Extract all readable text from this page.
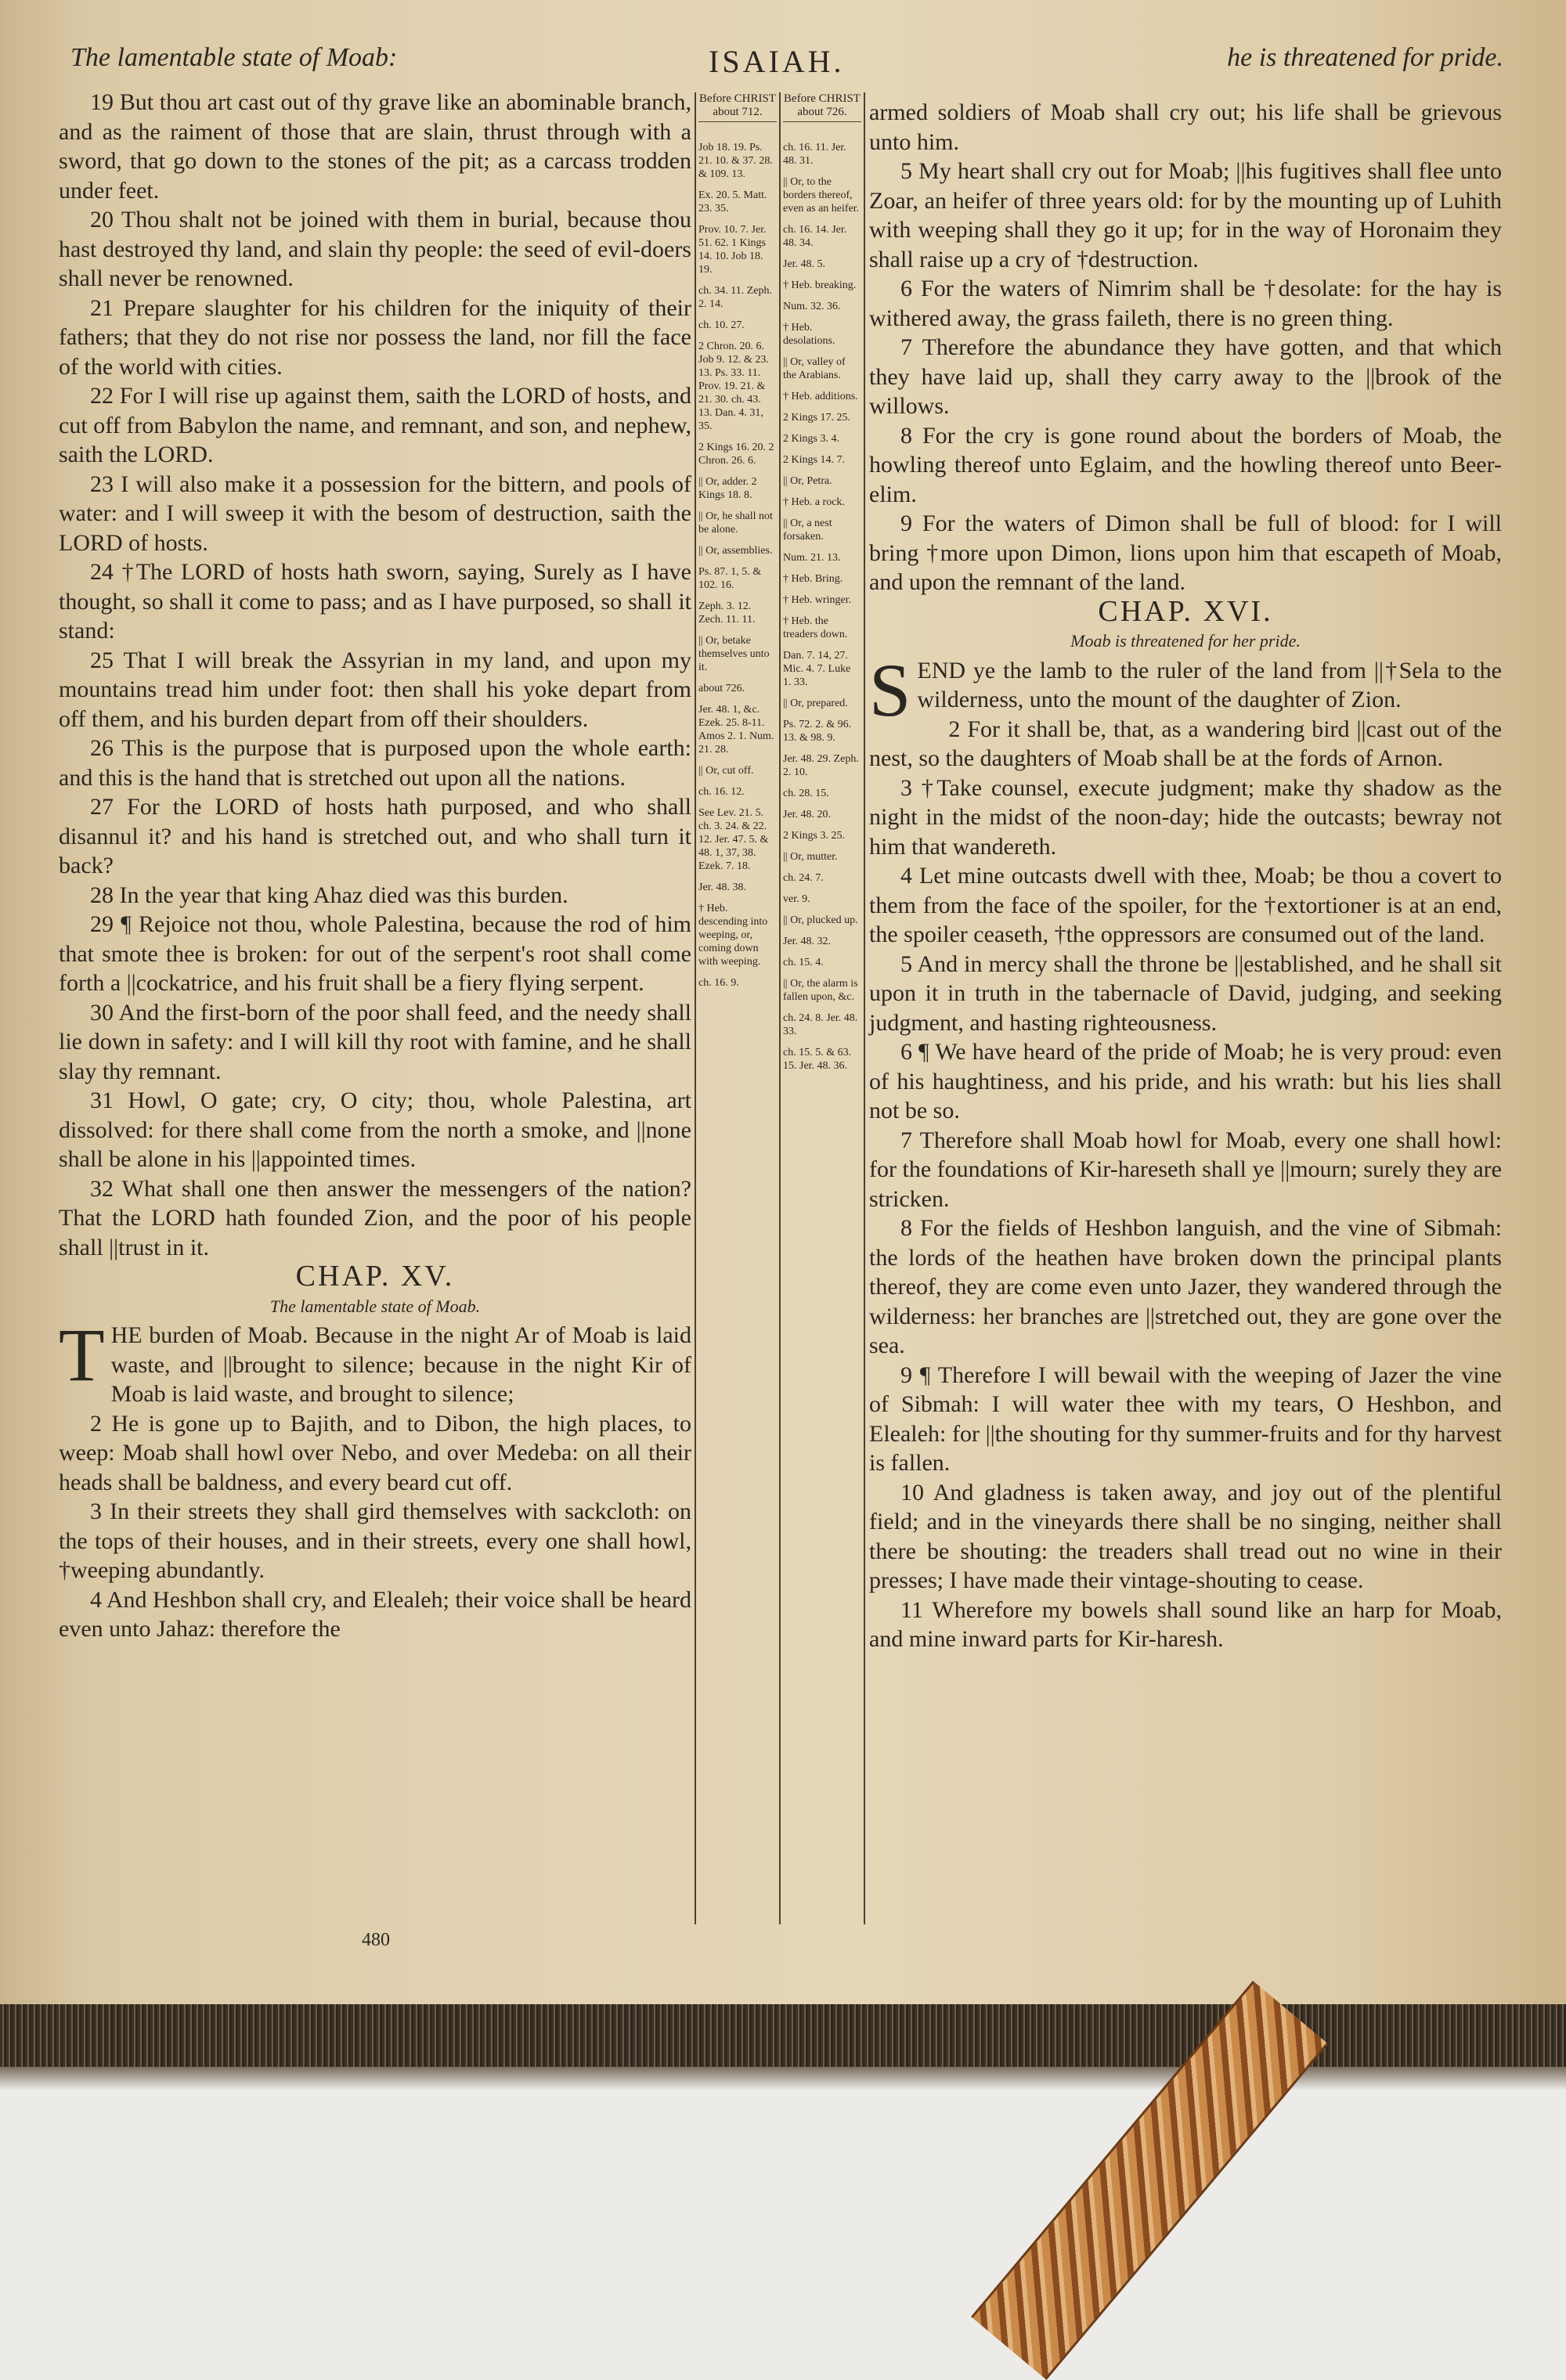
The lamentable state of Moab:	ISAIAH.	he is threatened for pride.

19 But thou art cast out of thy grave like an abominable branch, and as the raiment of those that are slain, thrust through with a sword, that go down to the stones of the pit; as a carcass trodden under feet.

20 Thou shalt not be joined with them in burial, because thou hast destroyed thy land, and slain thy people: the seed of evil-doers shall never be renowned.

21 Prepare slaughter for his children for the iniquity of their fathers; that they do not rise nor possess the land, nor fill the face of the world with cities.

22 For I will rise up against them, saith the LORD of hosts, and cut off from Babylon the name, and remnant, and son, and nephew, saith the LORD.

23 I will also make it a possession for the bittern, and pools of water: and I will sweep it with the besom of destruction, saith the LORD of hosts.

24 †The LORD of hosts hath sworn, saying, Surely as I have thought, so shall it come to pass; and as I have purposed, so shall it stand:

25 That I will break the Assyrian in my land, and upon my mountains tread him under foot: then shall his yoke depart from off them, and his burden depart from off their shoulders.

26 This is the purpose that is purposed upon the whole earth: and this is the hand that is stretched out upon all the nations.

27 For the LORD of hosts hath purposed, and who shall disannul it? and his hand is stretched out, and who shall turn it back?

28 In the year that king Ahaz died was this burden.

29 ¶ Rejoice not thou, whole Palestina, because the rod of him that smote thee is broken: for out of the serpent's root shall come forth a ||cockatrice, and his fruit shall be a fiery flying serpent.

30 And the first-born of the poor shall feed, and the needy shall lie down in safety: and I will kill thy root with famine, and he shall slay thy remnant.

31 Howl, O gate; cry, O city; thou, whole Palestina, art dissolved: for there shall come from the north a smoke, and ||none shall be alone in his ||appointed times.

32 What shall one then answer the messengers of the nation? That the LORD hath founded Zion, and the poor of his people shall ||trust in it.

CHAP. XV.

The lamentable state of Moab.

THE burden of Moab. Because in the night Ar of Moab is laid waste, and ||brought to silence; because in the night Kir of Moab is laid waste, and brought to silence;

2 He is gone up to Bajith, and to Dibon, the high places, to weep: Moab shall howl over Nebo, and over Medeba: on all their heads shall be baldness, and every beard cut off.

3 In their streets they shall gird themselves with sackcloth: on the tops of their houses, and in their streets, every one shall howl, †weeping abundantly.

4 And Heshbon shall cry, and Elealeh; their voice shall be heard even unto Jahaz: therefore the

Before CHRIST about 712.
Job 18. 19. Ps. 21. 10. & 37. 28. & 109. 13.
Ex. 20. 5. Matt. 23. 35.
Prov. 10. 7. Jer. 51. 62. 1 Kings 14. 10. Job 18. 19.
ch. 34. 11. Zeph. 2. 14.
ch. 10. 27.
2 Chron. 20. 6. Job 9. 12. & 23. 13. Ps. 33. 11. Prov. 19. 21. & 21. 30. ch. 43. 13. Dan. 4. 31, 35.
2 Kings 16. 20. 2 Chron. 26. 6.
|| Or, adder. 2 Kings 18. 8.
|| Or, he shall not be alone.
|| Or, assemblies.
Ps. 87. 1, 5. & 102. 16.
Zeph. 3. 12. Zech. 11. 11.
|| Or, betake themselves unto it.
about 726.
Jer. 48. 1, &c. Ezek. 25. 8-11. Amos 2. 1. Num. 21. 28.
|| Or, cut off.
ch. 16. 12.
See Lev. 21. 5. ch. 3. 24. & 22. 12. Jer. 47. 5. & 48. 1, 37, 38. Ezek. 7. 18.
Jer. 48. 38.
† Heb. descending into weeping, or, coming down with weeping.
ch. 16. 9.
Before CHRIST about 726.
ch. 16. 11. Jer. 48. 31.
|| Or, to the borders thereof, even as an heifer.
ch. 16. 14. Jer. 48. 34.
Jer. 48. 5.
† Heb. breaking.
Num. 32. 36.
† Heb. desolations.
|| Or, valley of the Arabians.
† Heb. additions.
2 Kings 17. 25.
2 Kings 3. 4.
2 Kings 14. 7.
|| Or, Petra.
† Heb. a rock.
|| Or, a nest forsaken.
Num. 21. 13.
† Heb. Bring.
† Heb. wringer.
† Heb. the treaders down.
Dan. 7. 14, 27. Mic. 4. 7. Luke 1. 33.
|| Or, prepared.
Ps. 72. 2. & 96. 13. & 98. 9.
Jer. 48. 29. Zeph. 2. 10.
ch. 28. 15.
Jer. 48. 20.
2 Kings 3. 25.
|| Or, mutter.
ch. 24. 7.
ver. 9.
|| Or, plucked up.
Jer. 48. 32.
ch. 15. 4.
|| Or, the alarm is fallen upon, &c.
ch. 24. 8. Jer. 48. 33.
ch. 15. 5. & 63. 15. Jer. 48. 36.

armed soldiers of Moab shall cry out; his life shall be grievous unto him.

5 My heart shall cry out for Moab; ||his fugitives shall flee unto Zoar, an heifer of three years old: for by the mounting up of Luhith with weeping shall they go it up; for in the way of Horonaim they shall raise up a cry of †destruction.

6 For the waters of Nimrim shall be †desolate: for the hay is withered away, the grass faileth, there is no green thing.

7 Therefore the abundance they have gotten, and that which they have laid up, shall they carry away to the ||brook of the willows.

8 For the cry is gone round about the borders of Moab, the howling thereof unto Eglaim, and the howling thereof unto Beer-elim.

9 For the waters of Dimon shall be full of blood: for I will bring †more upon Dimon, lions upon him that escapeth of Moab, and upon the remnant of the land.

CHAP. XVI.

Moab is threatened for her pride.

SEND ye the lamb to the ruler of the land from ||†Sela to the wilderness, unto the mount of the daughter of Zion.

2 For it shall be, that, as a wandering bird ||cast out of the nest, so the daughters of Moab shall be at the fords of Arnon.

3 †Take counsel, execute judgment; make thy shadow as the night in the midst of the noon-day; hide the outcasts; bewray not him that wandereth.

4 Let mine outcasts dwell with thee, Moab; be thou a covert to them from the face of the spoiler, for the †extortioner is at an end, the spoiler ceaseth, †the oppressors are consumed out of the land.

5 And in mercy shall the throne be ||established, and he shall sit upon it in truth in the tabernacle of David, judging, and seeking judgment, and hasting righteousness.

6 ¶ We have heard of the pride of Moab; he is very proud: even of his haughtiness, and his pride, and his wrath: but his lies shall not be so.

7 Therefore shall Moab howl for Moab, every one shall howl: for the foundations of Kir-hareseth shall ye ||mourn; surely they are stricken.

8 For the fields of Heshbon languish, and the vine of Sibmah: the lords of the heathen have broken down the principal plants thereof, they are come even unto Jazer, they wandered through the wilderness: her branches are ||stretched out, they are gone over the sea.

9 ¶ Therefore I will bewail with the weeping of Jazer the vine of Sibmah: I will water thee with my tears, O Heshbon, and Elealeh: for ||the shouting for thy summer-fruits and for thy harvest is fallen.

10 And gladness is taken away, and joy out of the plentiful field; and in the vineyards there shall be no singing, neither shall there be shouting: the treaders shall tread out no wine in their presses; I have made their vintage-shouting to cease.

11 Wherefore my bowels shall sound like an harp for Moab, and mine inward parts for Kir-haresh.

480
